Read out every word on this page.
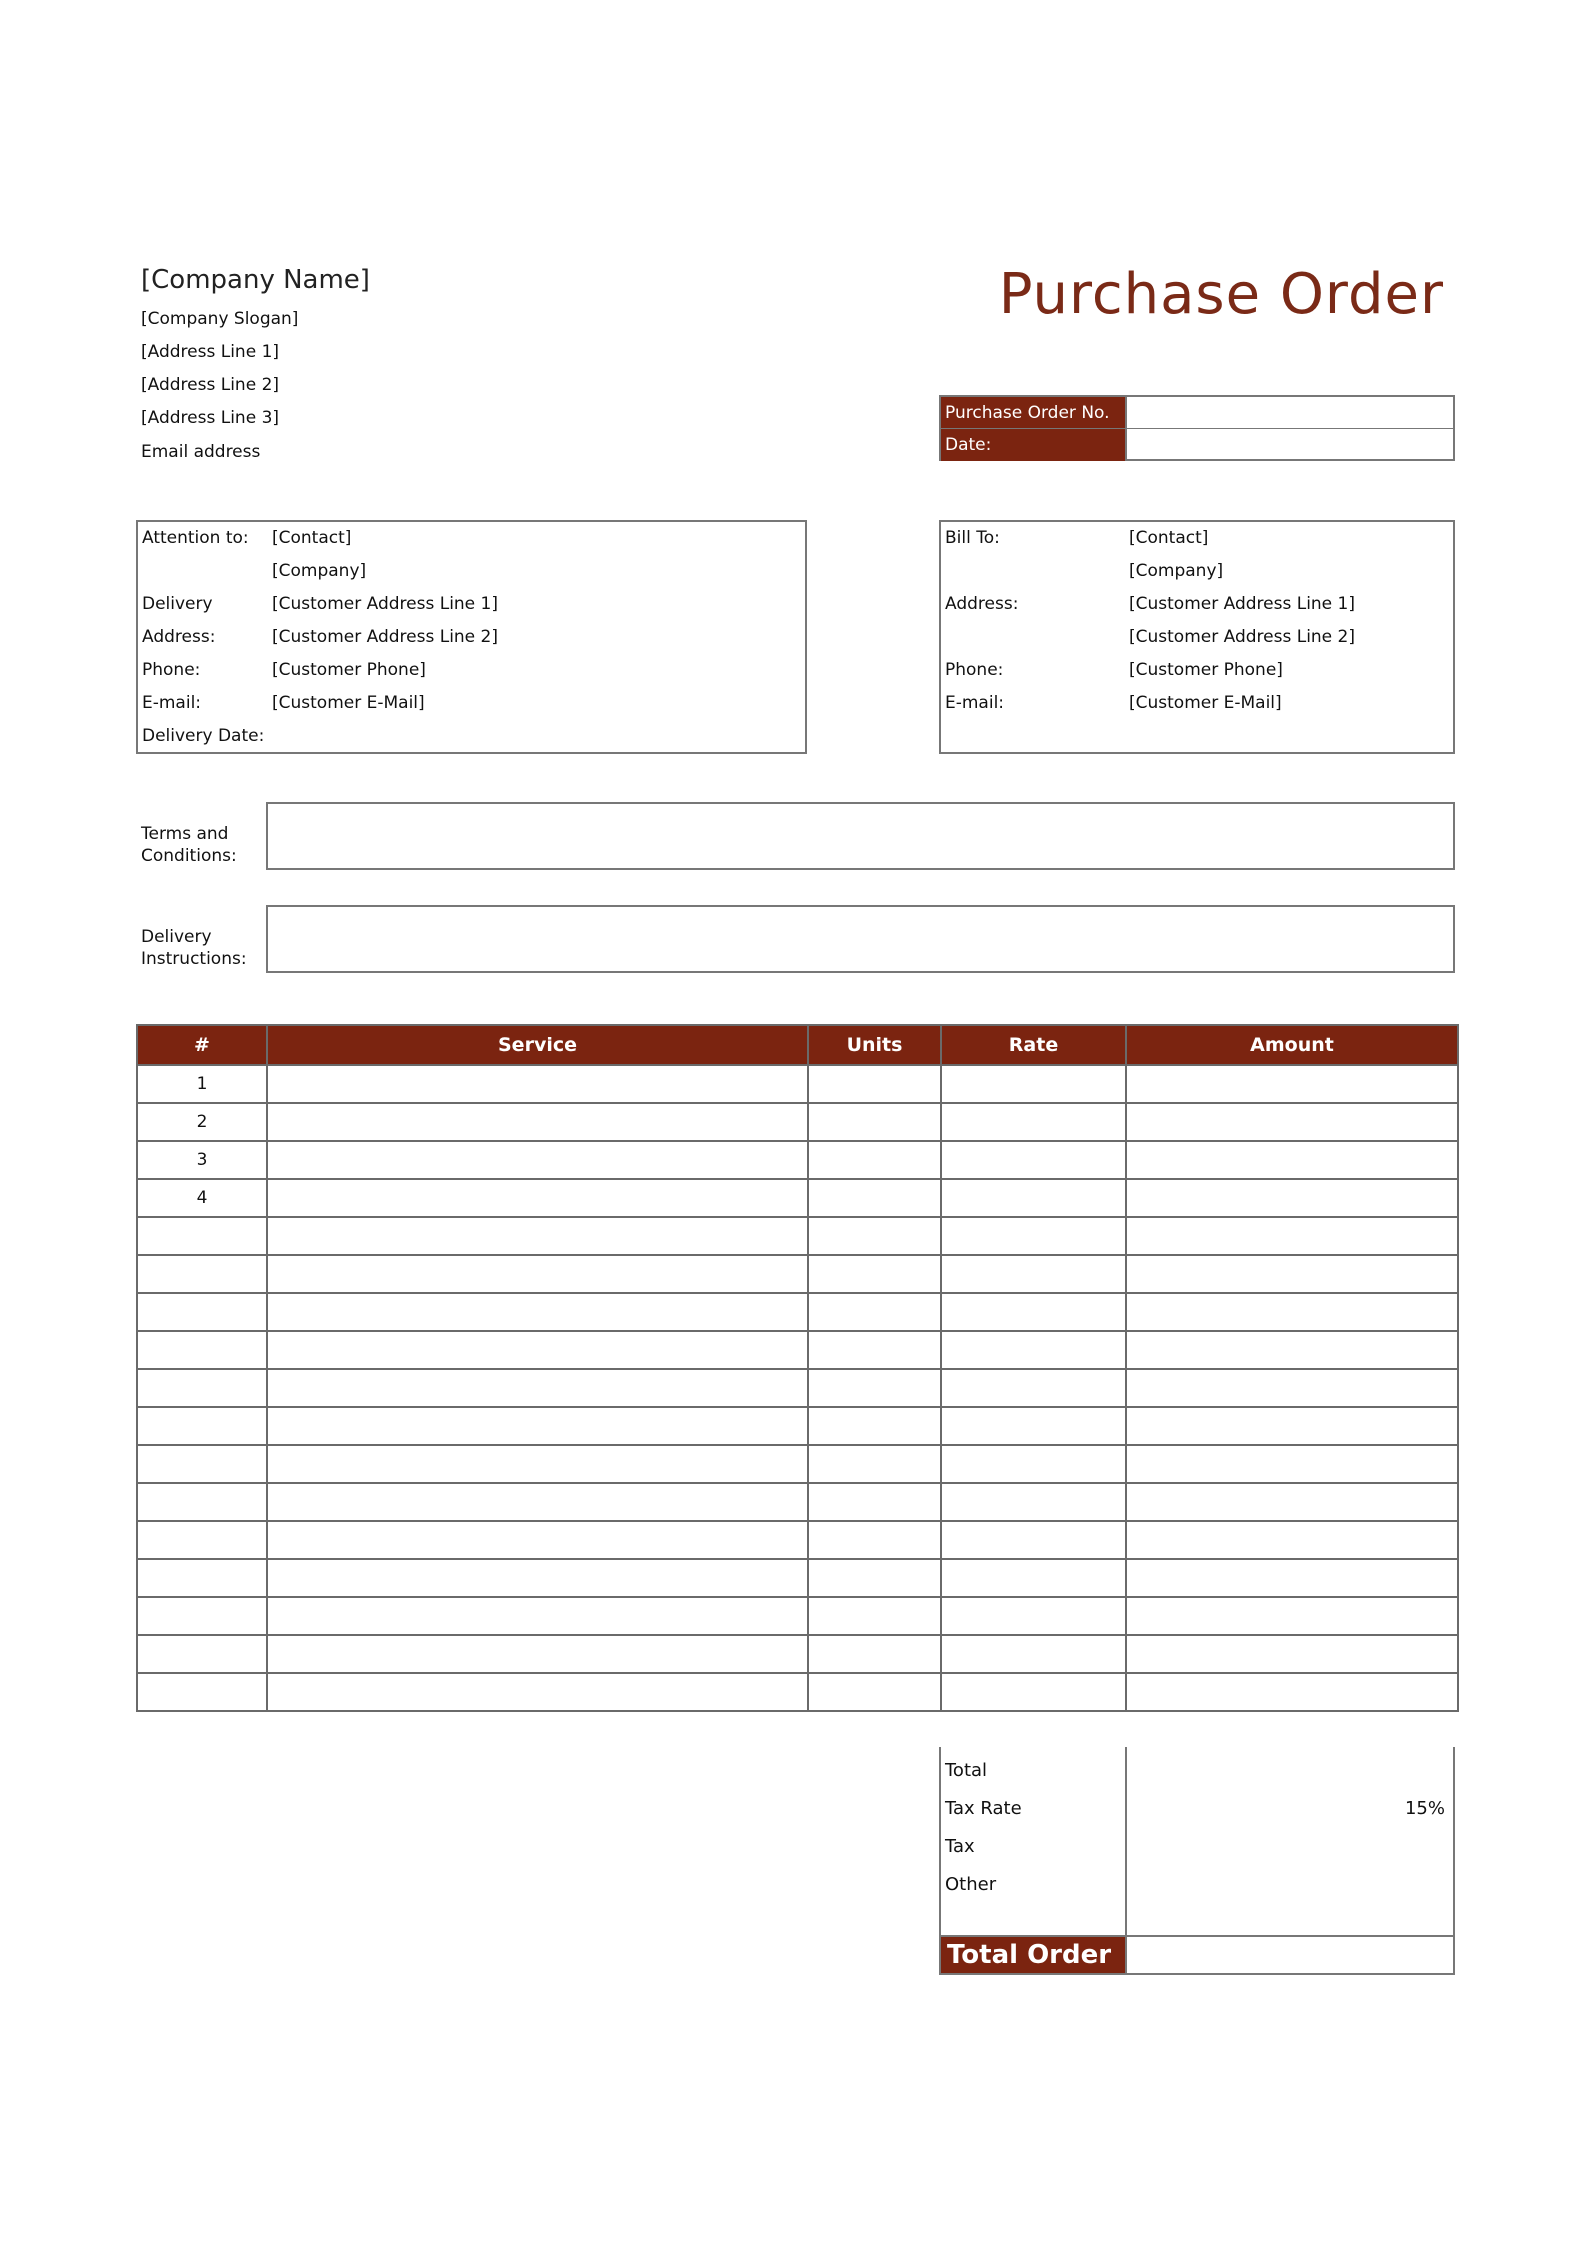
[Company Name]
[Company Slogan]
[Address Line 1]
[Address Line 2]
[Address Line 3]
Email address
Purchase Order
Purchase Order No.
Date:
Attention to: [Contact]
[Company]
Delivery	[Customer Address Line 1]
Address:	[Customer Address Line 2]
Phone:	[Customer Phone]
E-mail:	[Customer E-Mail]
Delivery Date:
Bill To:	[Contact]
[Company]
Address:	[Customer Address Line 1]
[Customer Address Line 2]
Phone:	[Customer Phone]
E-mail:	[Customer E-Mail]
Terms and
Conditions:
Delivery
Instructions:
#	Service	Units	Rate	Amount
1				
2				
3				
4				

Total
Tax Rate	15%
Tax
Other
Total Order
